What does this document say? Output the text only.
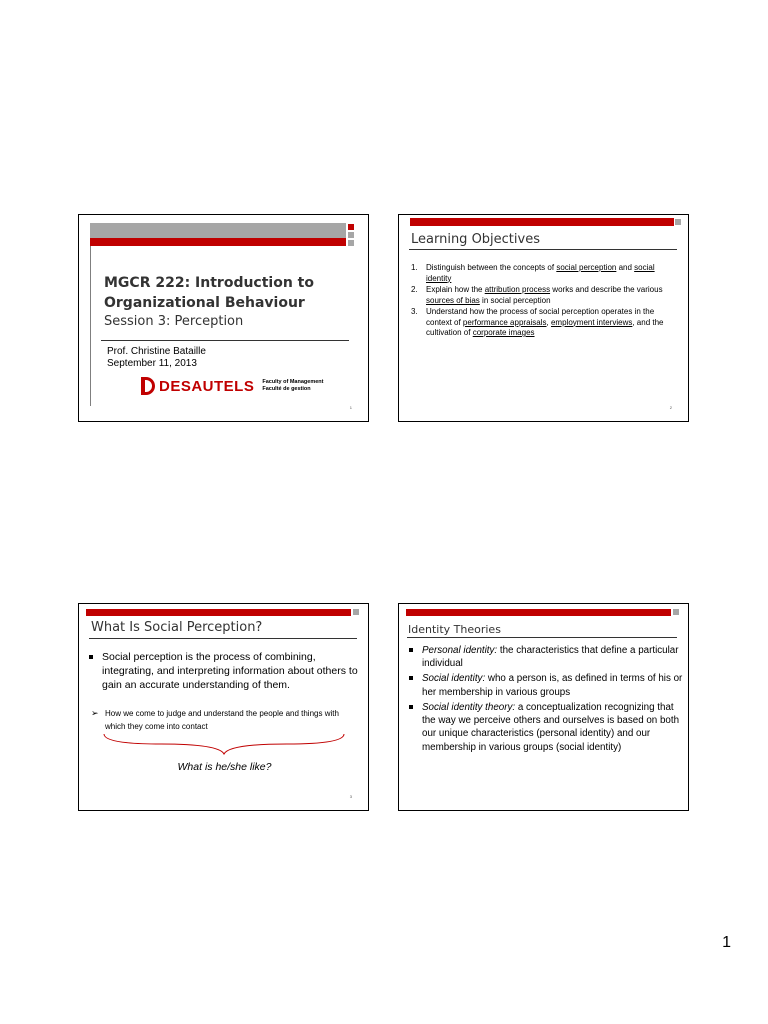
MGCR 222: Introduction to
Organizational Behaviour
Session 3: Perception
Prof. Christine Bataille
September 11, 2013
DESAUTELS Faculty of Management
Faculté de gestion
1
Learning Objectives
1. Distinguish between the concepts of social perception and social identity
2. Explain how the attribution process works and describe the various sources of bias in social perception
3. Understand how the process of social perception operates in the context of performance appraisals, employment interviews, and the cultivation of corporate images
2
What Is Social Perception?
Social perception is the process of combining, integrating, and interpreting information about others to gain an accurate understanding of them.
➢ How we come to judge and understand the people and things with which they come into contact
What is he/she like?
3
Identity Theories
Personal identity: the characteristics that define a particular individual
Social identity: who a person is, as defined in terms of his or her membership in various groups
Social identity theory: a conceptualization recognizing that the way we perceive others and ourselves is based on both our unique characteristics (personal identity) and our membership in various groups (social identity)
1
